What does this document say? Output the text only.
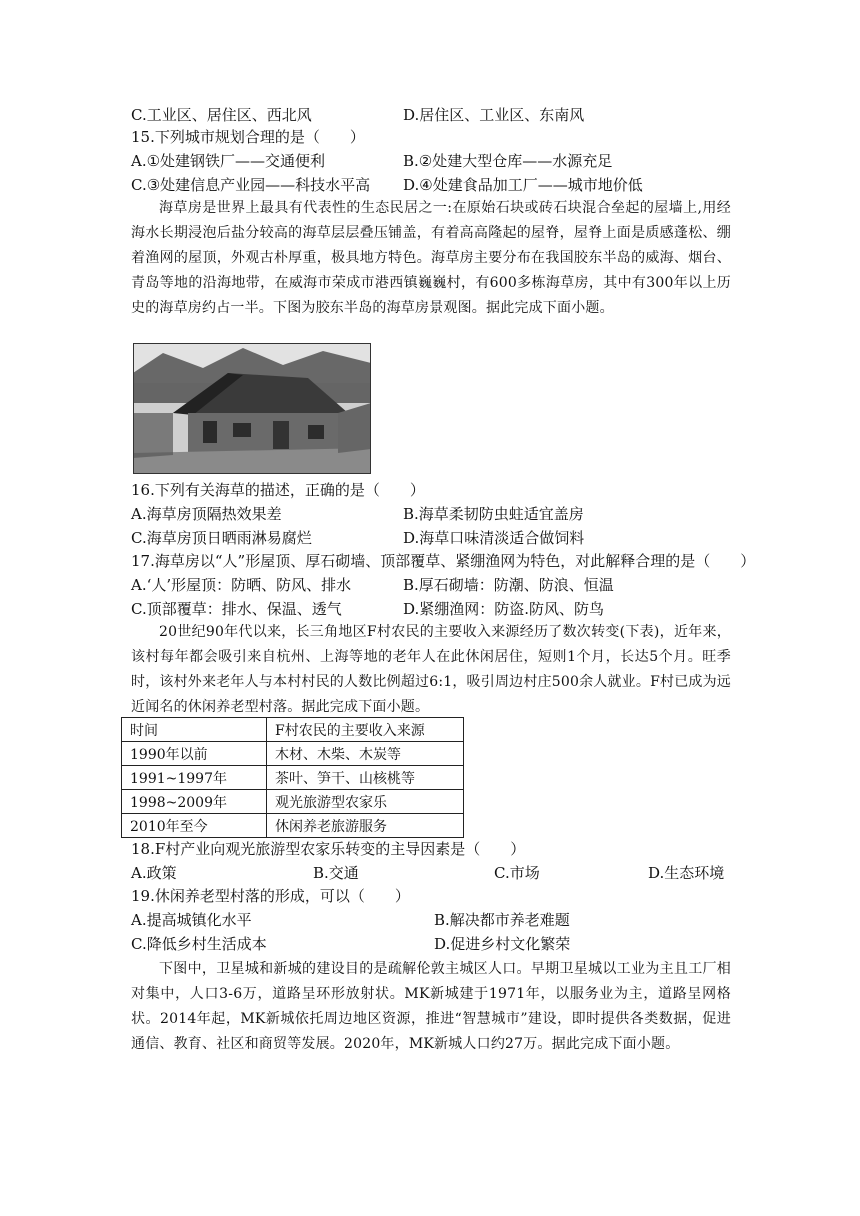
C.工业区、居住区、西北风	D.居住区、工业区、东南风
15.下列城市规划合理的是（　　）
A.①处建钢铁厂——交通便利	B.②处建大型仓库——水源充足
C.③处建信息产业园——科技水平高 D.④处建食品加工厂——城市地价低
海草房是世界上最具有代表性的生态民居之一:在原始石块或砖石块混合垒起的屋墙上,用经海水长期浸泡后盐分较高的海草层层叠压铺盖，有着高高隆起的屋脊，屋脊上面是质感蓬松、绷着渔网的屋顶，外观古朴厚重，极具地方特色。海草房主要分布在我国胶东半岛的威海、烟台、青岛等地的沿海地带，在威海市荣成市港西镇巍巍村，有600多栋海草房，其中有300年以上历史的海草房约占一半。下图为胶东半岛的海草房景观图。据此完成下面小题。
16.下列有关海草的描述，正确的是（　　）
A.海草房顶隔热效果差	B.海草柔韧防虫蛀适宜盖房
C.海草房顶日晒雨淋易腐烂	D.海草口味清淡适合做饲料
17.海草房以“人”形屋顶、厚石砌墙、顶部覆草、紧绷渔网为特色，对此解释合理的是（　　）
A.‘人’形屋顶：防晒、防风、排水	B.厚石砌墙：防潮、防浪、恒温
C.顶部覆草：排水、保温、透气	D.紧绷渔网：防盗.防风、防鸟
20世纪90年代以来，长三角地区F村农民的主要收入来源经历了数次转变(下表)，近年来，该村每年都会吸引来自杭州、上海等地的老年人在此休闲居住，短则1个月，长达5个月。旺季时，该村外来老年人与本村村民的人数比例超过6:1，吸引周边村庄500余人就业。F村已成为远近闻名的休闲养老型村落。据此完成下面小题。
时间	F村农民的主要收入来源
1990年以前	木材、木柴、木炭等
1991~1997年	茶叶、笋干、山核桃等
1998~2009年	观光旅游型农家乐
2010年至今	休闲养老旅游服务
18.F村产业向观光旅游型农家乐转变的主导因素是（　　）
A.政策	B.交通	C.市场	D.生态环境
19.休闲养老型村落的形成，可以（　　）
A.提高城镇化水平	B.解决都市养老难题
C.降低乡村生活成本	D.促进乡村文化繁荣
下图中，卫星城和新城的建设目的是疏解伦敦主城区人口。早期卫星城以工业为主且工厂相对集中，人口3-6万，道路呈环形放射状。MK新城建于1971年，以服务业为主，道路呈网格状。2014年起，MK新城依托周边地区资源，推进“智慧城市”建设，即时提供各类数据，促进通信、教育、社区和商贸等发展。2020年，MK新城人口约27万。据此完成下面小题。
